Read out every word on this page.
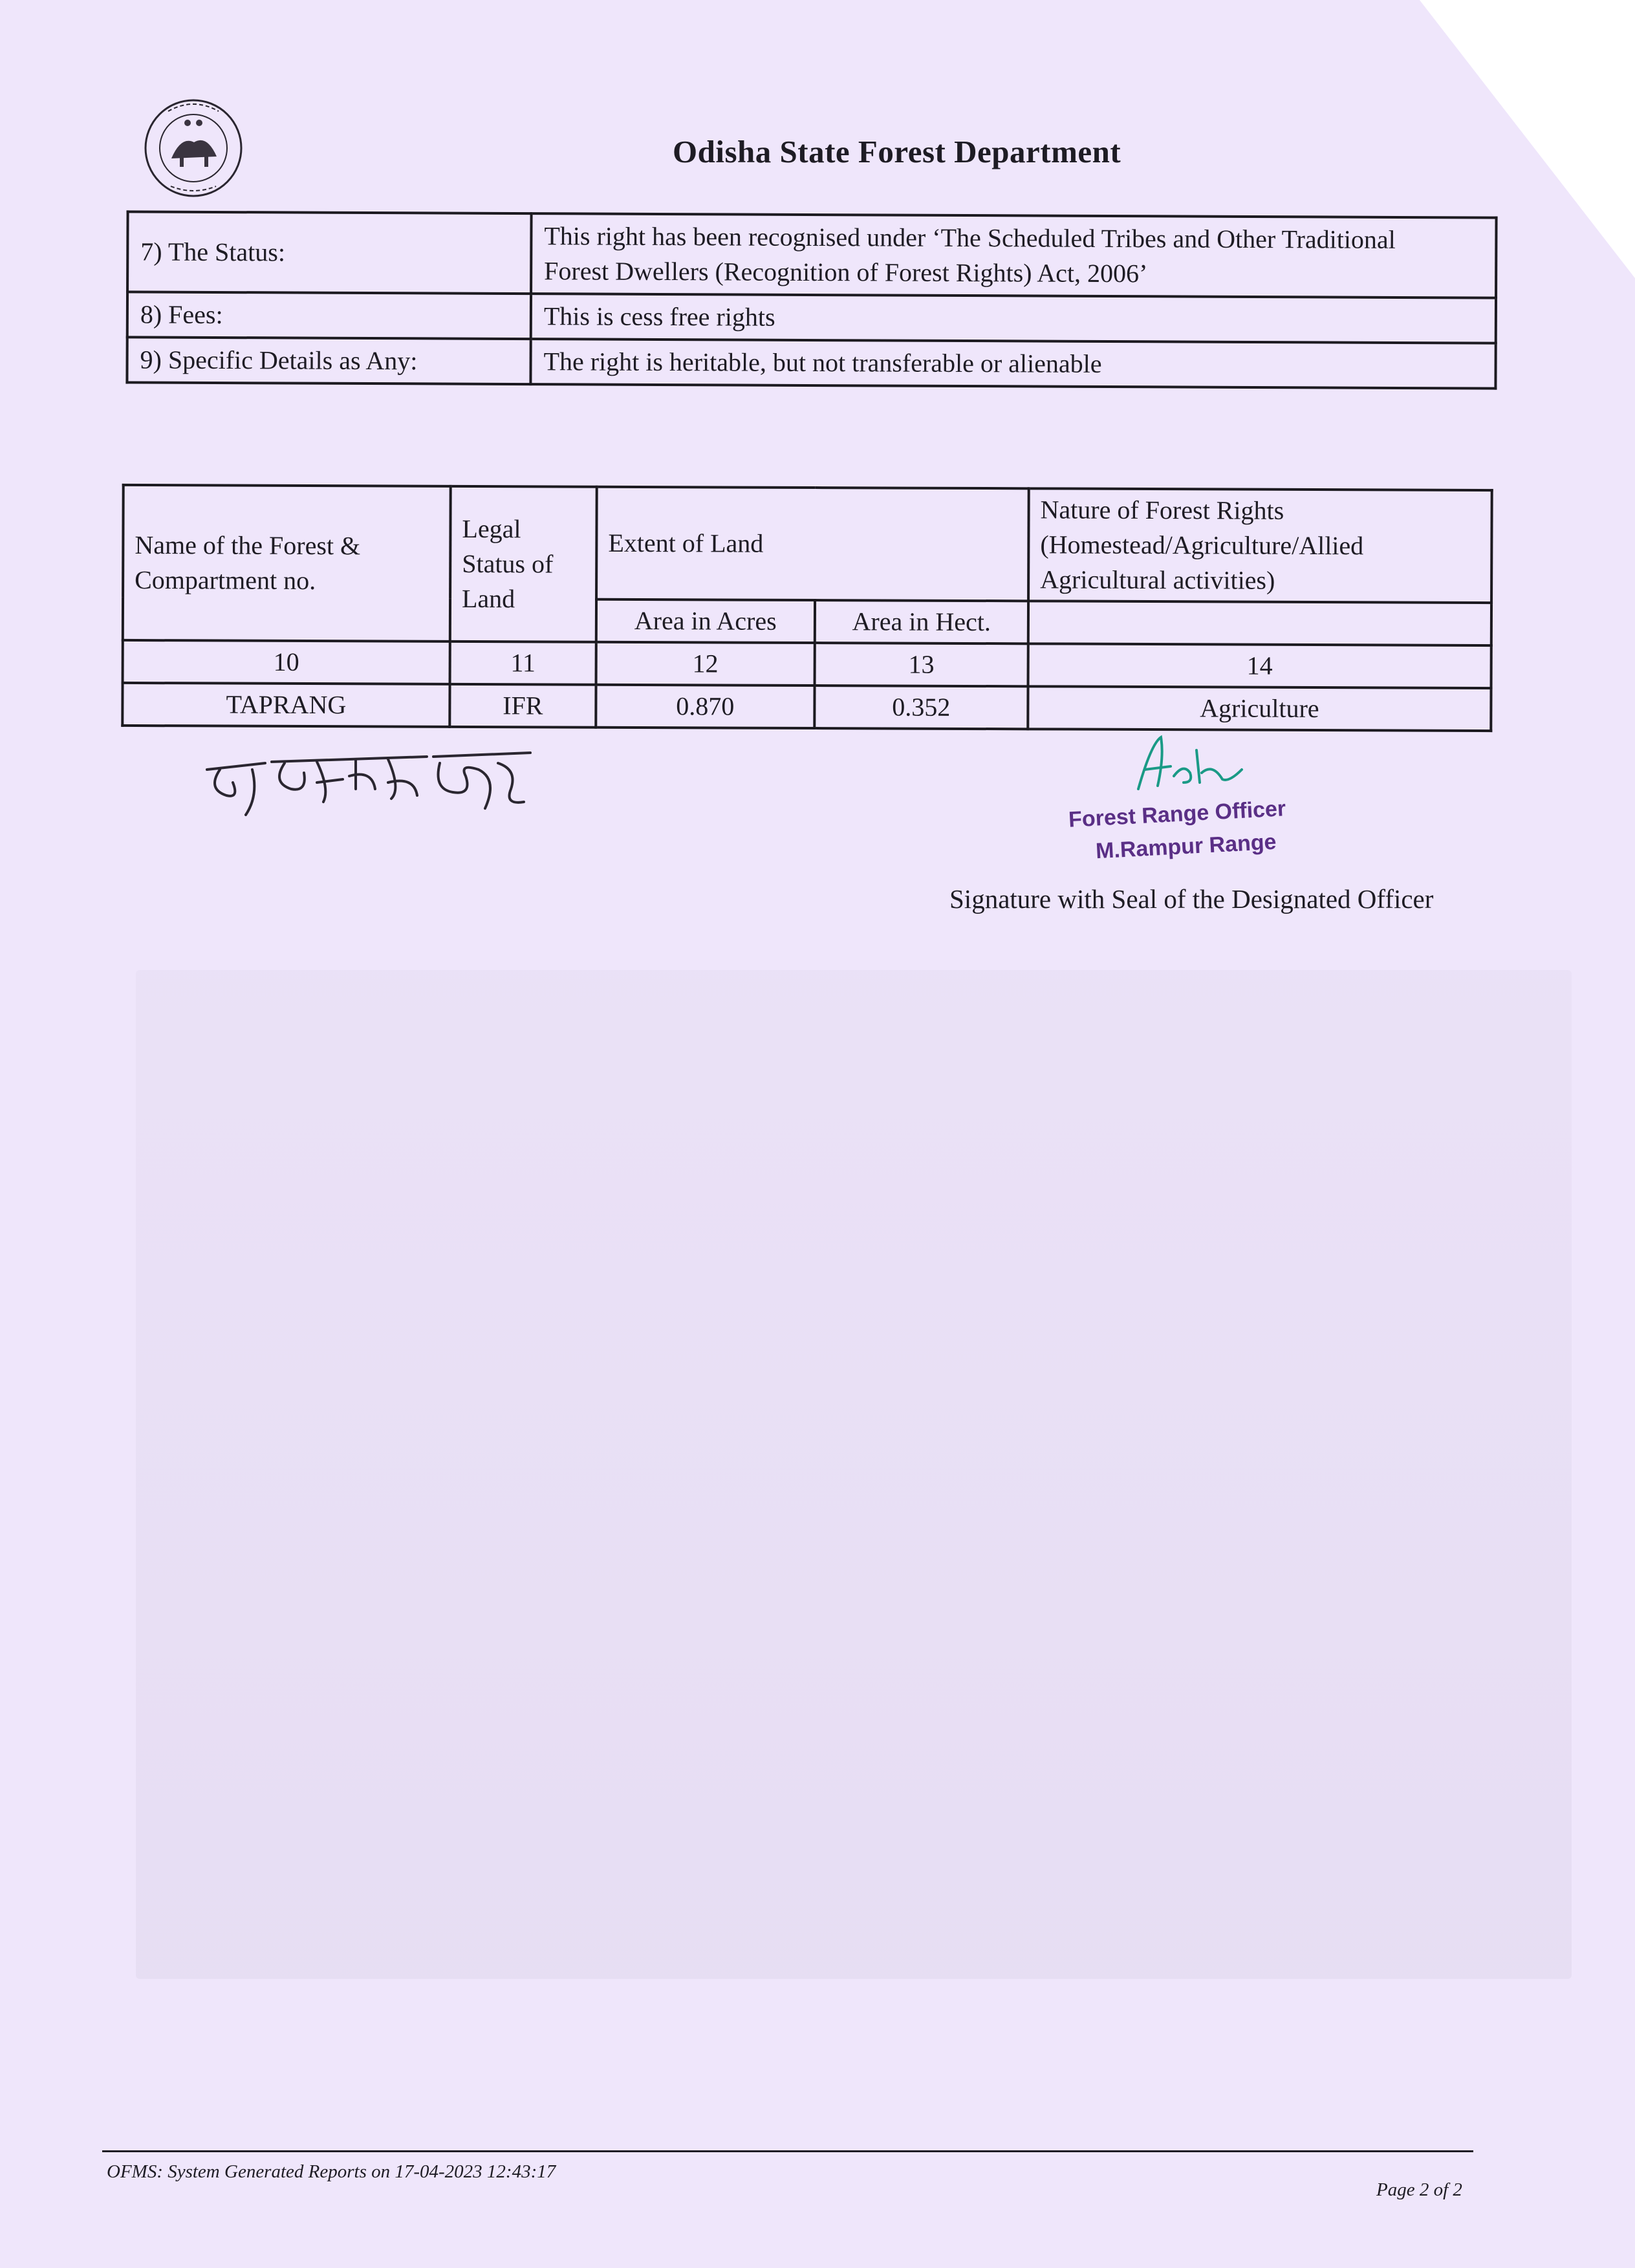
Odisha State Forest Department
7) The Status:	This right has been recognised under ‘The Scheduled Tribes and Other Traditional
Forest Dwellers (Recognition of Forest Rights) Act, 2006’

8) Fees:	This is cess free rights
9) Specific Details as Any:	The right is heritable, but not transferable or alienable
Name of the Forest & Compartment no.	Legal Status of Land	Extent of Land		Nature of Forest Rights (Homestead/Agriculture/Allied Agricultural activities)
		Area in Acres	Area in Hect.	
10	11	12	13	14
TAPRANG	IFR	0.870	0.352	Agriculture
Forest Range Officer
M.Rampur Range
Signature with Seal of the Designated Officer
OFMS: System Generated Reports on 17-04-2023 12:43:17
Page 2 of 2
